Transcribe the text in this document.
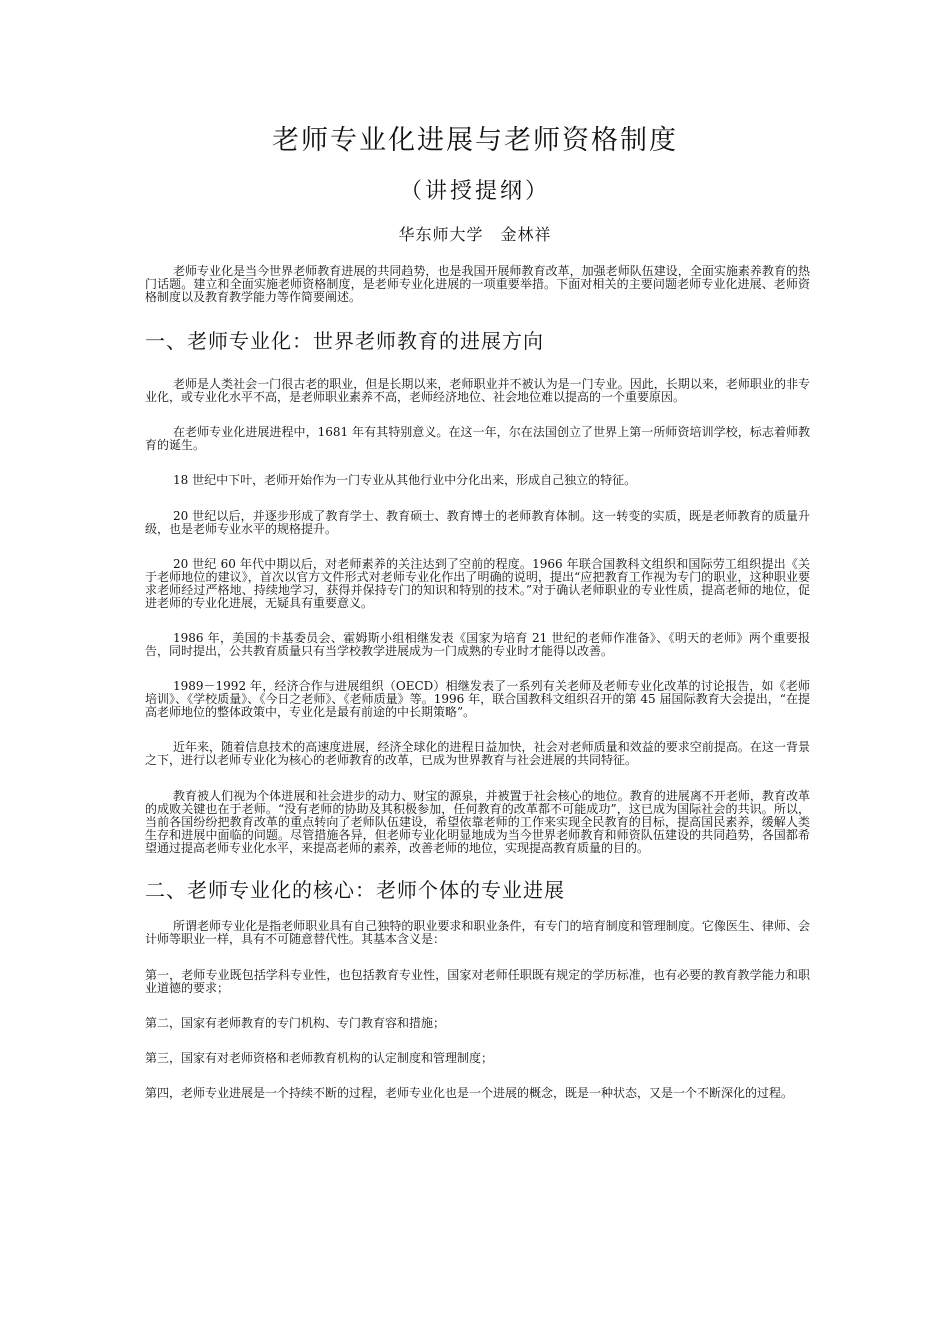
老师专业化进展与老师资格制度
（讲授提纲）
华东师大学　金林祥

老师专业化是当今世界老师教育进展的共同趋势，也是我国开展师教育改革，加强老师队伍建设，全面实施素养教育的热门话题。建立和全面实施老师资格制度，是老师专业化进展的一项重要举措。下面对相关的主要问题老师专业化进展、老师资格制度以及教育教学能力等作简要阐述。

一、老师专业化：世界老师教育的进展方向

老师是人类社会一门很古老的职业，但是长期以来，老师职业并不被认为是一门专业。因此，长期以来，老师职业的非专业化，或专业化水平不高，是老师职业素养不高，老师经济地位、社会地位难以提高的一个重要原因。

在老师专业化进展进程中，1681 年有其特别意义。在这一年，尔在法国创立了世界上第一所师资培训学校，标志着师教育的诞生。

18 世纪中下叶，老师开始作为一门专业从其他行业中分化出来，形成自己独立的特征。

20 世纪以后，并逐步形成了教育学士、教育硕士、教育博士的老师教育体制。这一转变的实质，既是老师教育的质量升级，也是老师专业水平的规格提升。

20 世纪 60 年代中期以后，对老师素养的关注达到了空前的程度。1966 年联合国教科文组织和国际劳工组织提出《关于老师地位的建议》，首次以官方文件形式对老师专业化作出了明确的说明，提出“应把教育工作视为专门的职业，这种职业要求老师经过严格地、持续地学习，获得并保持专门的知识和特别的技术。”对于确认老师职业的专业性质，提高老师的地位，促进老师的专业化进展，无疑具有重要意义。

1986 年，美国的卡基委员会、霍姆斯小组相继发表《国家为培育 21 世纪的老师作准备》、《明天的老师》两个重要报告，同时提出，公共教育质量只有当学校教学进展成为一门成熟的专业时才能得以改善。

1989－1992 年，经济合作与进展组织（OECD）相继发表了一系列有关老师及老师专业化改革的讨论报告，如《老师培训》、《学校质量》、《今日之老师》、《老师质量》等。1996 年，联合国教科文组织召开的第 45 届国际教育大会提出，“在提高老师地位的整体政策中，专业化是最有前途的中长期策略”。

近年来，随着信息技术的高速度进展，经济全球化的进程日益加快，社会对老师质量和效益的要求空前提高。在这一背景之下，进行以老师专业化为核心的老师教育的改革，已成为世界教育与社会进展的共同特征。

教育被人们视为个体进展和社会进步的动力、财宝的源泉，并被置于社会核心的地位。教育的进展离不开老师，教育改革的成败关键也在于老师。“没有老师的协助及其积极参加，任何教育的改革都不可能成功”，这已成为国际社会的共识。所以，当前各国纷纷把教育改革的重点转向了老师队伍建设，希望依靠老师的工作来实现全民教育的目标，提高国民素养，缓解人类生存和进展中面临的问题。尽管措施各异，但老师专业化明显地成为当今世界老师教育和师资队伍建设的共同趋势，各国都希望通过提高老师专业化水平，来提高老师的素养，改善老师的地位，实现提高教育质量的目的。

二、老师专业化的核心：老师个体的专业进展

所谓老师专业化是指老师职业具有自己独特的职业要求和职业条件，有专门的培育制度和管理制度。它像医生、律师、会计师等职业一样，具有不可随意替代性。其基本含义是：

第一，老师专业既包括学科专业性，也包括教育专业性，国家对老师任职既有规定的学历标准，也有必要的教育教学能力和职业道德的要求；

第二，国家有老师教育的专门机构、专门教育容和措施；

第三，国家有对老师资格和老师教育机构的认定制度和管理制度；

第四，老师专业进展是一个持续不断的过程，老师专业化也是一个进展的概念，既是一种状态，又是一个不断深化的过程。
